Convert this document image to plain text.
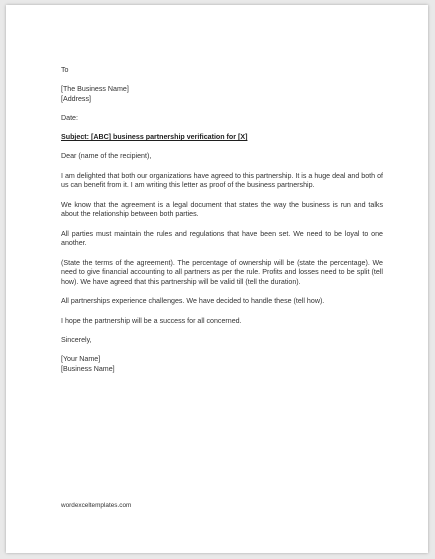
To

[The Business Name]

[Address]

Date:

Subject: [ABC] business partnership verification for [X]

Dear (name of the recipient),

I am delighted that both our organizations have agreed to this partnership. It is a huge deal and both of us can benefit from it. I am writing this letter as proof of the business partnership.

We know that the agreement is a legal document that states the way the business is run and talks about the relationship between both parties.

All parties must maintain the rules and regulations that have been set. We need to be loyal to one another.

(State the terms of the agreement). The percentage of ownership will be (state the percentage). We need to give financial accounting to all partners as per the rule. Profits and losses need to be split (tell how). We have agreed that this partnership will be valid till (tell the duration).

All partnerships experience challenges. We have decided to handle these (tell how).

I hope the partnership will be a success for all concerned.

Sincerely,

[Your Name]

[Business Name]

wordexceltemplates.com
